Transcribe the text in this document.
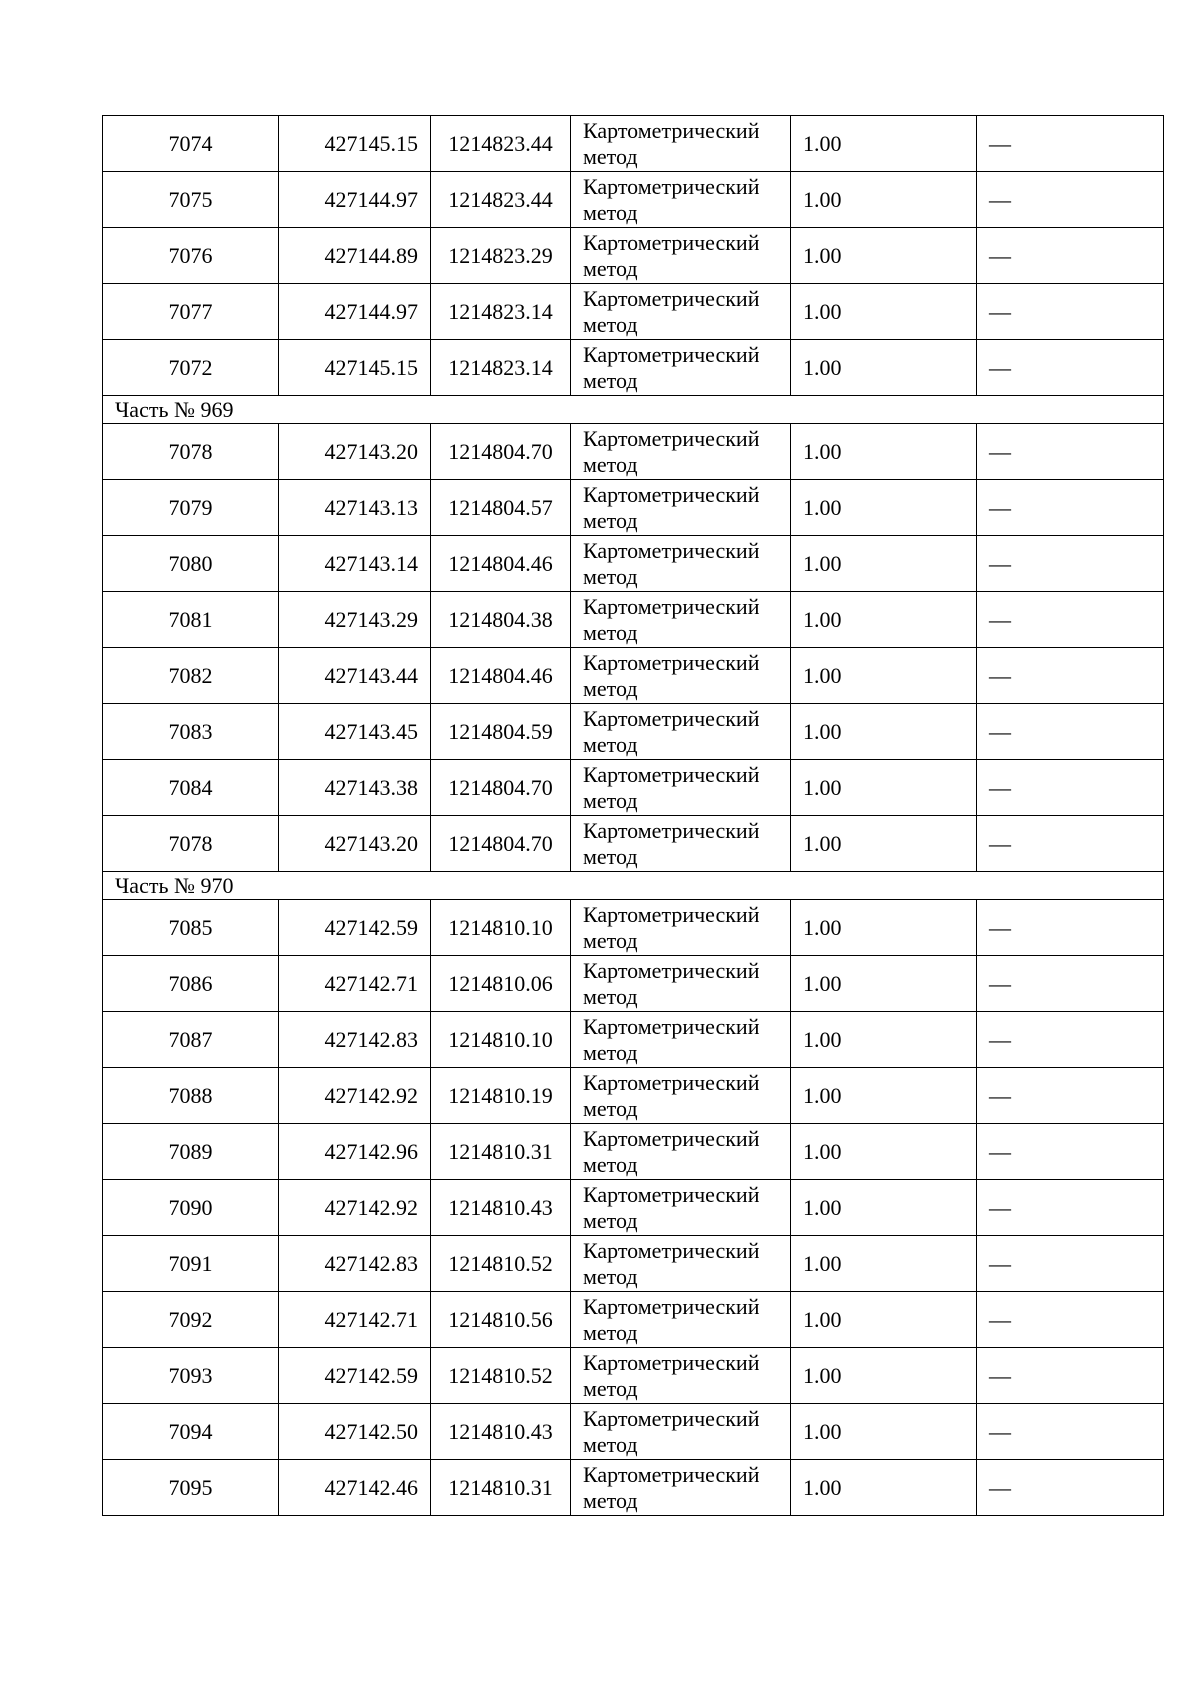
7074	427145.15	1214823.44	Картометрический
метод	1.00	—
7075	427144.97	1214823.44	Картометрический
метод	1.00	—
7076	427144.89	1214823.29	Картометрический
метод	1.00	—
7077	427144.97	1214823.14	Картометрический
метод	1.00	—
7072	427145.15	1214823.14	Картометрический
метод	1.00	—
Часть № 969					
7078	427143.20	1214804.70	Картометрический
метод	1.00	—
7079	427143.13	1214804.57	Картометрический
метод	1.00	—
7080	427143.14	1214804.46	Картометрический
метод	1.00	—
7081	427143.29	1214804.38	Картометрический
метод	1.00	—
7082	427143.44	1214804.46	Картометрический
метод	1.00	—
7083	427143.45	1214804.59	Картометрический
метод	1.00	—
7084	427143.38	1214804.70	Картометрический
метод	1.00	—
7078	427143.20	1214804.70	Картометрический
метод	1.00	—
Часть № 970					
7085	427142.59	1214810.10	Картометрический
метод	1.00	—
7086	427142.71	1214810.06	Картометрический
метод	1.00	—
7087	427142.83	1214810.10	Картометрический
метод	1.00	—
7088	427142.92	1214810.19	Картометрический
метод	1.00	—
7089	427142.96	1214810.31	Картометрический
метод	1.00	—
7090	427142.92	1214810.43	Картометрический
метод	1.00	—
7091	427142.83	1214810.52	Картометрический
метод	1.00	—
7092	427142.71	1214810.56	Картометрический
метод	1.00	—
7093	427142.59	1214810.52	Картометрический
метод	1.00	—
7094	427142.50	1214810.43	Картометрический
метод	1.00	—
7095	427142.46	1214810.31	Картометрический
метод	1.00	—
